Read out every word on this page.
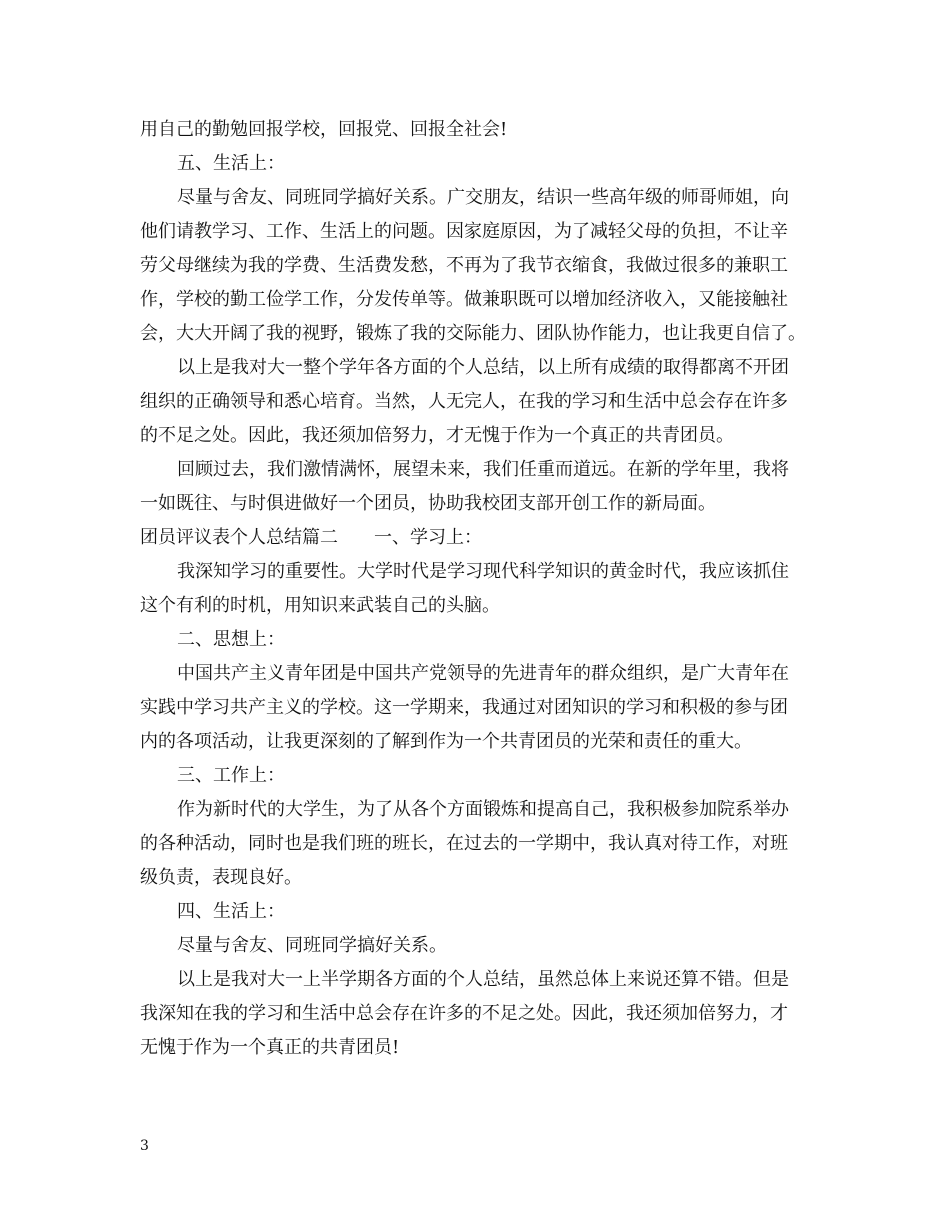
用自己的勤勉回报学校，回报党、回报全社会!
五、生活上：
尽量与舍友、同班同学搞好关系。广交朋友，结识一些高年级的师哥师姐，向
他们请教学习、工作、生活上的问题。因家庭原因，为了减轻父母的负担，不让辛
劳父母继续为我的学费、生活费发愁，不再为了我节衣缩食，我做过很多的兼职工
作，学校的勤工俭学工作，分发传单等。做兼职既可以增加经济收入，又能接触社
会，大大开阔了我的视野，锻炼了我的交际能力、团队协作能力，也让我更自信了。
以上是我对大一整个学年各方面的个人总结，以上所有成绩的取得都离不开团
组织的正确领导和悉心培育。当然，人无完人，在我的学习和生活中总会存在许多
的不足之处。因此，我还须加倍努力，才无愧于作为一个真正的共青团员。
回顾过去，我们激情满怀，展望未来，我们任重而道远。在新的学年里，我将
一如既往、与时俱进做好一个团员，协助我校团支部开创工作的新局面。
团员评议表个人总结篇二 一、学习上：
我深知学习的重要性。大学时代是学习现代科学知识的黄金时代，我应该抓住
这个有利的时机，用知识来武装自己的头脑。
二、思想上：
中国共产主义青年团是中国共产党领导的先进青年的群众组织，是广大青年在
实践中学习共产主义的学校。这一学期来，我通过对团知识的学习和积极的参与团
内的各项活动，让我更深刻的了解到作为一个共青团员的光荣和责任的重大。
三、工作上：
作为新时代的大学生，为了从各个方面锻炼和提高自己，我积极参加院系举办
的各种活动，同时也是我们班的班长，在过去的一学期中，我认真对待工作，对班
级负责，表现良好。
四、生活上：
尽量与舍友、同班同学搞好关系。
以上是我对大一上半学期各方面的个人总结，虽然总体上来说还算不错。但是
我深知在我的学习和生活中总会存在许多的不足之处。因此，我还须加倍努力，才
无愧于作为一个真正的共青团员!
3
